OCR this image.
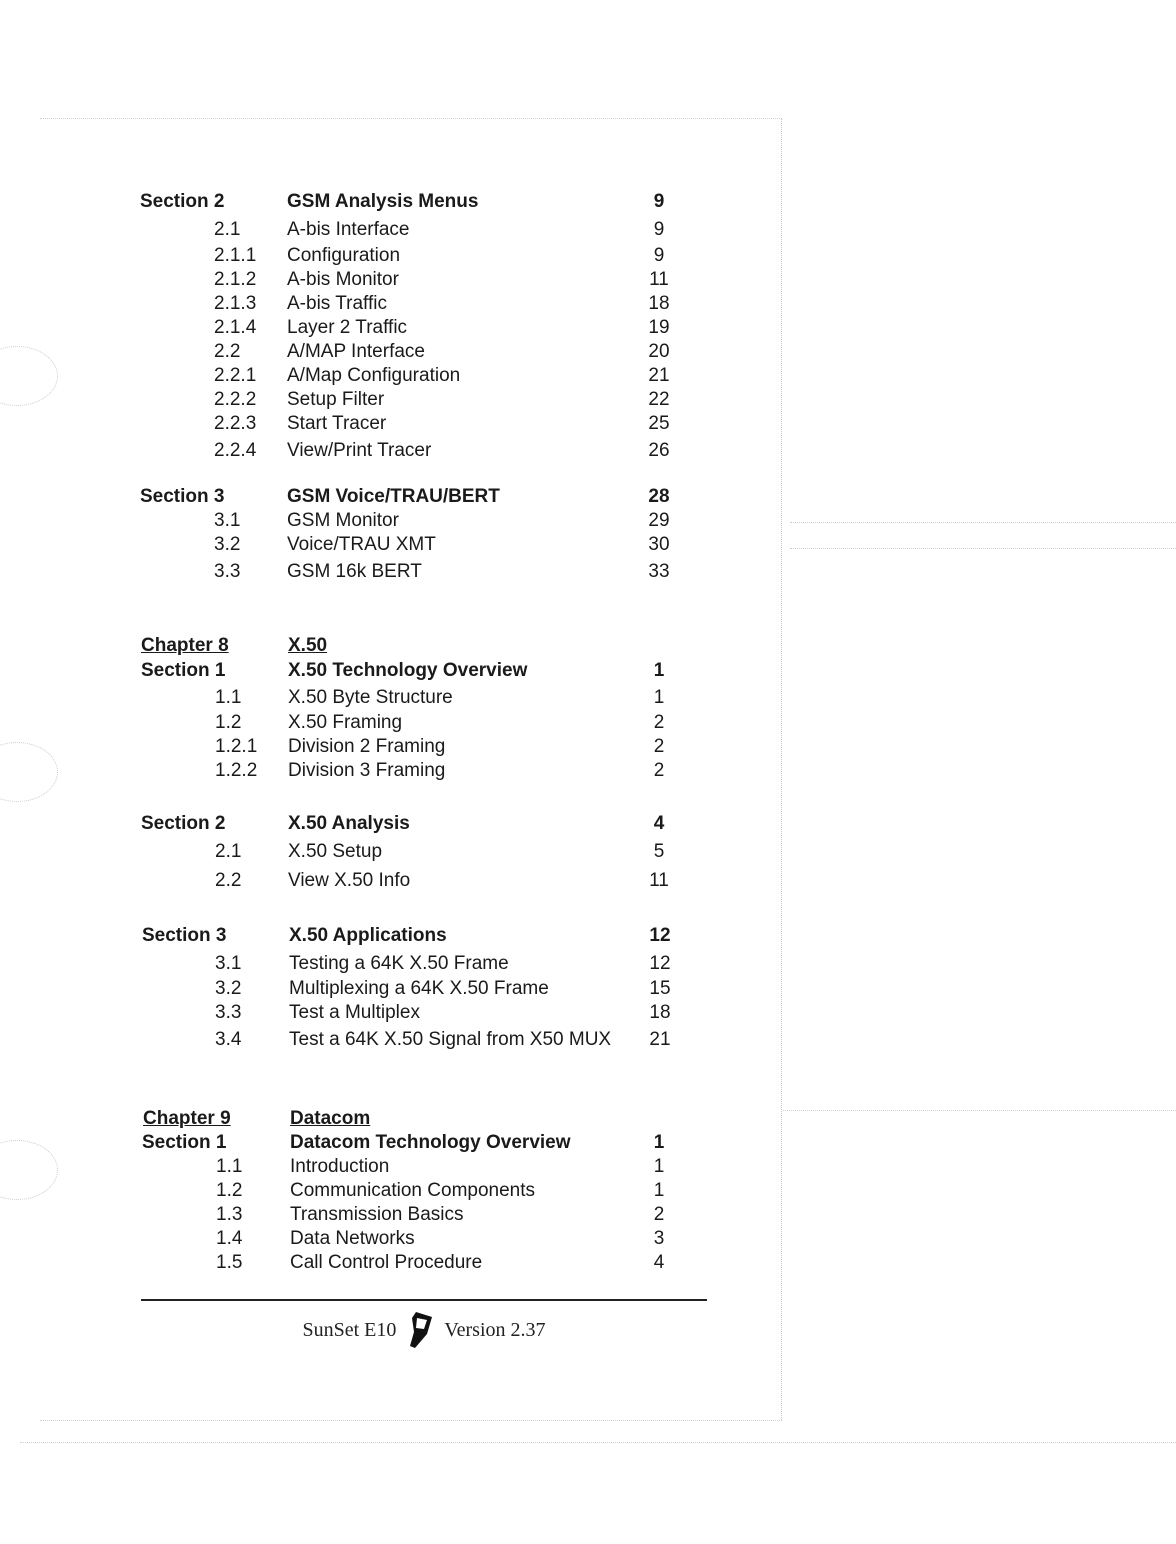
Section 2	GSM Analysis Menus	9
2.1 A-bis Interface	9
2.1.1 Configuration	9
2.1.2 A-bis Monitor	11
2.1.3 A-bis Traffic	18
2.1.4 Layer 2 Traffic	19
2.2 A/MAP Interface	20
2.2.1 A/Map Configuration	21
2.2.2 Setup Filter	22
2.2.3 Start Tracer	25
2.2.4 View/Print Tracer	26
Section 3	GSM Voice/TRAU/BERT	28
3.1 GSM Monitor	29
3.2 Voice/TRAU XMT	30
3.3 GSM 16k BERT	33
Chapter 8	X.50
Section 1	X.50 Technology Overview	1
1.1 X.50 Byte Structure	1
1.2 X.50 Framing	2
1.2.1 Division 2 Framing	2
1.2.2 Division 3 Framing	2
Section 2	X.50 Analysis	4
2.1 X.50 Setup	5
2.2 View X.50 Info	11
Section 3	X.50 Applications	12
3.1	Testing a 64K X.50 Frame	12
3.2	Multiplexing a 64K X.50 Frame	15
3.3	Test a Multiplex	18
3.4	Test a 64K X.50 Signal from X50 MUX	21
Chapter 9	Datacom
Section 1	Datacom Technology Overview	1
1.1	Introduction	1
1.2	Communication Components	1
1.3	Transmission Basics	2
1.4	Data Networks	3
1.5	Call Control Procedure	4
SunSet E10 Version 2.37
